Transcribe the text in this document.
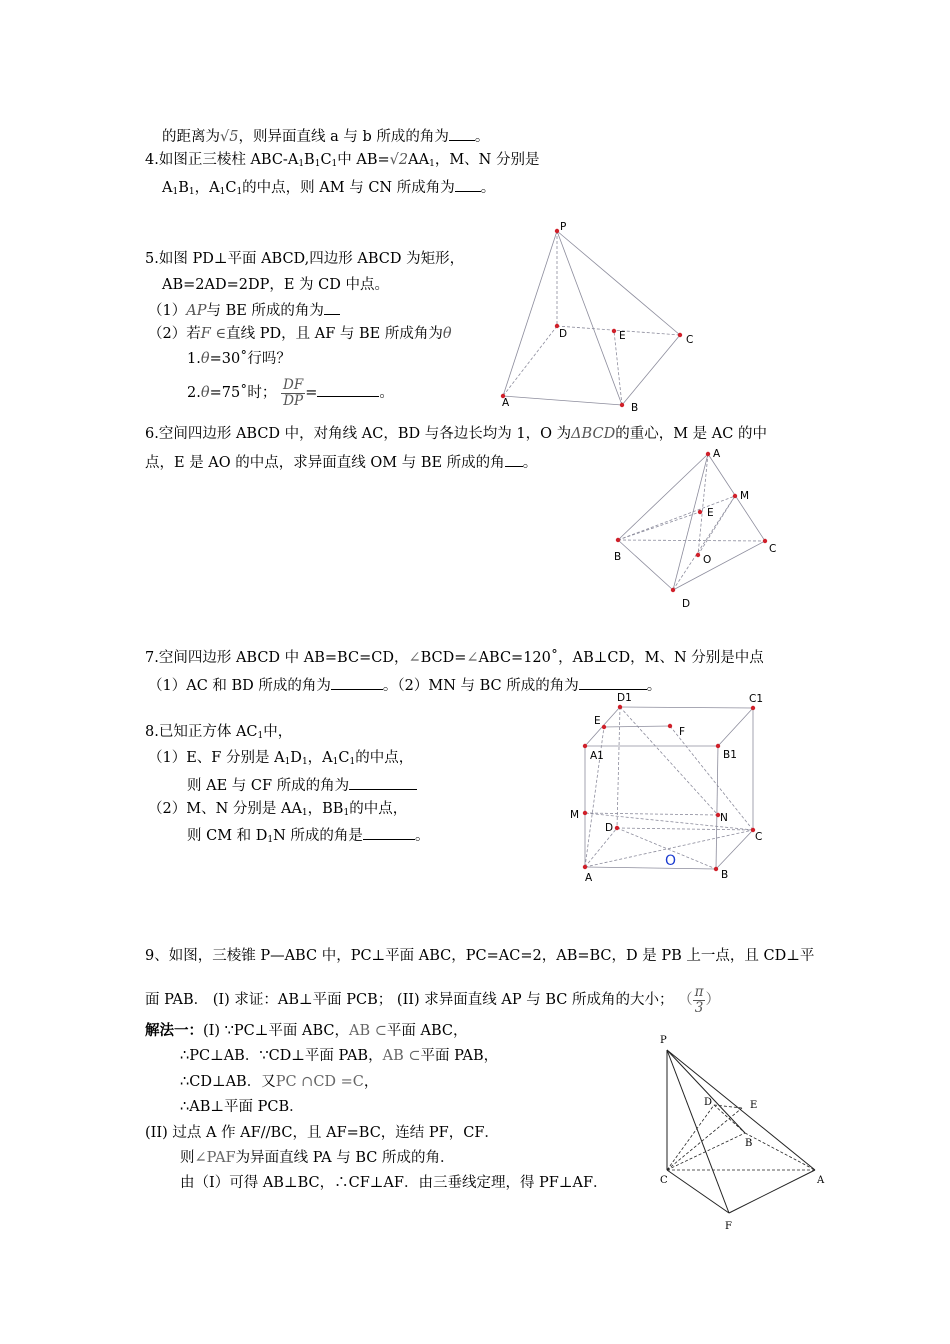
的距离为√5，则异面直线 a 与 b 所成的角为 。
4.如图正三棱柱 ABC-$A_1B_1C_1$中 $AB=√2AA_1$，M、N 分别是
$A_1B_1$，$A_1C_1$的中点，则 AM 与 CN 所成角为 。
5.如图 PD⊥平面 ABCD,四边形 ABCD 为矩形，
AB=2AD=2DP，E 为 CD 中点。
（1）AP与 BE 所成的角为
（2）若F ∈直线 PD，且 AF 与 BE 所成角为θ
1.θ=30˚行吗？
2.θ=75˚时； $\frac{DF}{DP}$ =	。
6.空间四边形 ABCD 中，对角线 AC，BD 与各边长均为 1，O 为ΔBCD的重心，M 是 AC 的中
点，E 是 AO 的中点，求异面直线 OM 与 BE 所成的角 。
7.空间四边形 ABCD 中 AB=BC=CD，∠BCD=∠ABC=120˚，AB⊥CD，M、N 分别是中点
（1）AC 和 BD 所成的角为	。（2）MN 与 BC 所成的角为	。
8.已知正方体 $AC_1$中，
（1）E、F 分别是 $A_1D_1$，$A_1C_1$的中点，
则 AE 与 CF 所成的角为
（2）M、N 分别是 $AA_1$，$BB_1$的中点，
则 CM 和 $D_1N$ 所成的角是	。
9、如图，三棱锥 P—ABC 中，PC⊥平面 ABC，PC=AC=2，AB=BC，D 是 PB 上一点，且 CD⊥平
面 PAB． (I) 求证：AB⊥平面 PCB； (II) 求异面直线 AP 与 BC 所成角的大小； （ $\frac{\pi}{3}$ ）
解法一：(I) ∵PC⊥平面 ABC，AB ⊂平面 ABC，
∴PC⊥AB．∵CD⊥平面 PAB，AB ⊂平面 PAB，
∴CD⊥AB．又PC ∩CD =C，
∴AB⊥平面 PCB．
(II) 过点 A 作 AF//BC，且 AF=BC，连结 PF，CF．
则∠PAF为异面直线 PA 与 BC 所成的角．
由（Ⅰ）可得 AB⊥BC，∴CF⊥AF．由三垂线定理，得 PF⊥AF．
P
D	E	C
A	B
A
M
E
B	O
C
D
D1	C1
E
F
A1	B1
M	N
D
C
O
A	B
P
D	E
B
C	A
F
